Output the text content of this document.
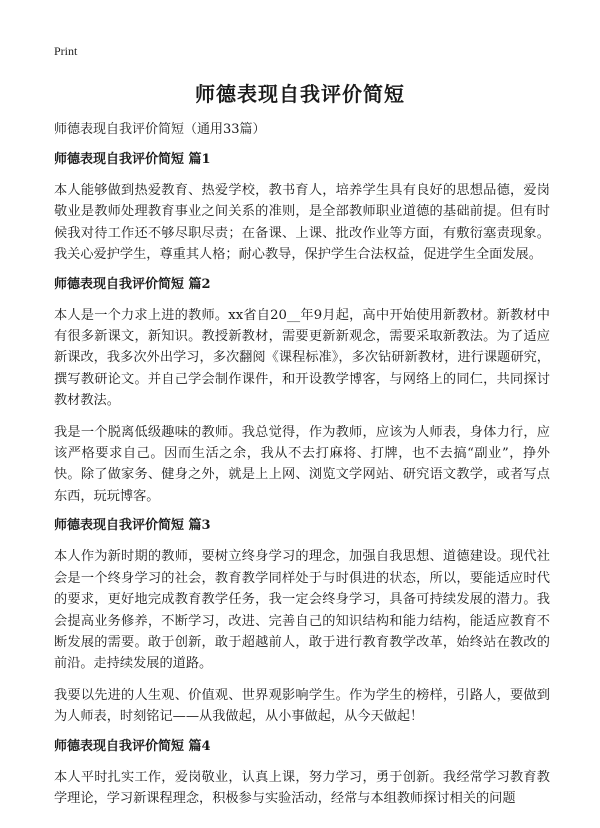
Print
师德表现自我评价简短

师德表现自我评价简短（通用33篇）

师德表现自我评价简短 篇1

本人能够做到热爱教育、热爱学校，教书育人，培养学生具有良好的思想品德，爱岗敬业是教师处理教育事业之间关系的准则，是全部教师职业道德的基础前提。但有时候我对待工作还不够尽职尽责；在备课、上课、批改作业等方面，有敷衍塞责现象。我关心爱护学生，尊重其人格；耐心教导，保护学生合法权益，促进学生全面发展。

师德表现自我评价简短 篇2

本人是一个力求上进的教师。xx省自20__年9月起，高中开始使用新教材。新教材中有很多新课文，新知识。教授新教材，需要更新新观念，需要采取新教法。为了适应新课改，我多次外出学习，多次翻阅《课程标准》，多次钻研新教材，进行课题研究，撰写教研论文。并自己学会制作课件，和开设教学博客，与网络上的同仁，共同探讨教材教法。

我是一个脱离低级趣味的教师。我总觉得，作为教师，应该为人师表，身体力行，应该严格要求自己。因而生活之余，我从不去打麻将、打牌，也不去搞“副业”，挣外快。除了做家务、健身之外，就是上上网、浏览文学网站、研究语文教学，或者写点东西，玩玩博客。

师德表现自我评价简短 篇3

本人作为新时期的教师，要树立终身学习的理念，加强自我思想、道德建设。现代社会是一个终身学习的社会，教育教学同样处于与时俱进的状态，所以，要能适应时代的要求，更好地完成教育教学任务，我一定会终身学习，具备可持续发展的潜力。我会提高业务修养，不断学习，改进、完善自己的知识结构和能力结构，能适应教育不断发展的需要。敢于创新，敢于超越前人，敢于进行教育教学改革，始终站在教改的前沿。走持续发展的道路。

我要以先进的人生观、价值观、世界观影响学生。作为学生的榜样，引路人，要做到为人师表，时刻铭记——从我做起，从小事做起，从今天做起！

师德表现自我评价简短 篇4

本人平时扎实工作，爱岗敬业，认真上课，努力学习，勇于创新。我经常学习教育教学理论，学习新课程理念，积极参与实验活动，经常与本组教师探讨相关的问题
